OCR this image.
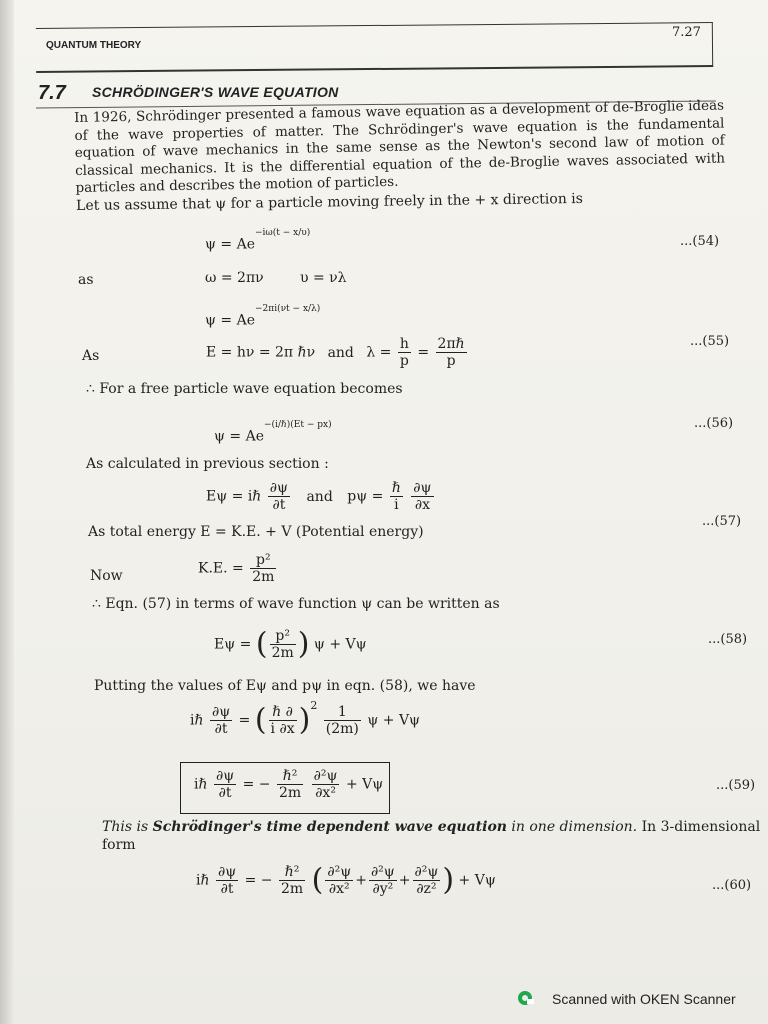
QUANTUM THEORY
7.27
7.7 SCHRÖDINGER'S WAVE EQUATION
In 1926, Schrödinger presented a famous wave equation as a development of de-Broglie ideas of the wave properties of matter. The Schrödinger's wave equation is the fundamental equation of wave mechanics in the same sense as the Newton's second law of motion of classical mechanics. It is the differential equation of the de-Broglie waves associated with particles and describes the motion of particles.
Let us assume that ψ for a particle moving freely in the + x direction is
$\psi = Ae^{-i\omega(t - x/\upsilon)}$
...(54)
as	ω = 2πν	υ = νλ
$\psi = Ae^{-2\pi i(\nu t - x/\lambda)}$
As	E = hν = 2π ℏν and $\lambda = \frac{h}{p} = \frac{\text{2πℏ}}{p}$	...(55)
∴ For a free particle wave equation becomes
$\psi = Ae^{-(i/\hbar)(Et - px)}$	...(56)
As calculated in previous section :
Eψ = iℏ $\frac{\partial\psi}{\partial t}$ and $p\psi = \frac{\text{ℏ}}{i}$
$\frac{\partial\psi}{\partial x}$
As total energy E = K.E. + V (Potential energy)
...(57)
Now	K.E. = $\frac{\text{p²}}{2m}$
∴ Eqn. (57) in terms of wave function ψ can be written as
Eψ = ( $\frac{\text{p²}}{2m}$ ) ψ + Vψ	...(58)
Putting the values of Eψ and pψ in eqn. (58), we have
iℏ $\frac{\partial\psi}{\partial t}$ = ( $\frac{\text{ℏ ∂}}{i \partial x} )^2 \frac{1}{(2m)}$ ψ + Vψ
iℏ $\frac{\partial\psi}{\partial t}$ = − $\frac{\text{ℏ²}}{2m}$
$\frac{\text{∂²ψ}}{\text{∂x²}} + V\psi$	...(59)
This is Schrödinger's time dependent wave equation in one dimension. In 3-dimensional form
iℏ $\frac{\partial\psi}{\partial t}$ = − $\frac{\text{ℏ²}}{2m}$ ( $\frac{\text{∂²ψ}}{\text{∂x²}} + \frac{\text{∂²ψ}}{\text{∂y²}} + \frac{\text{∂²ψ}}{\text{∂z²}}$ ) + Vψ	...(60)
Scanned with OKEN Scanner
